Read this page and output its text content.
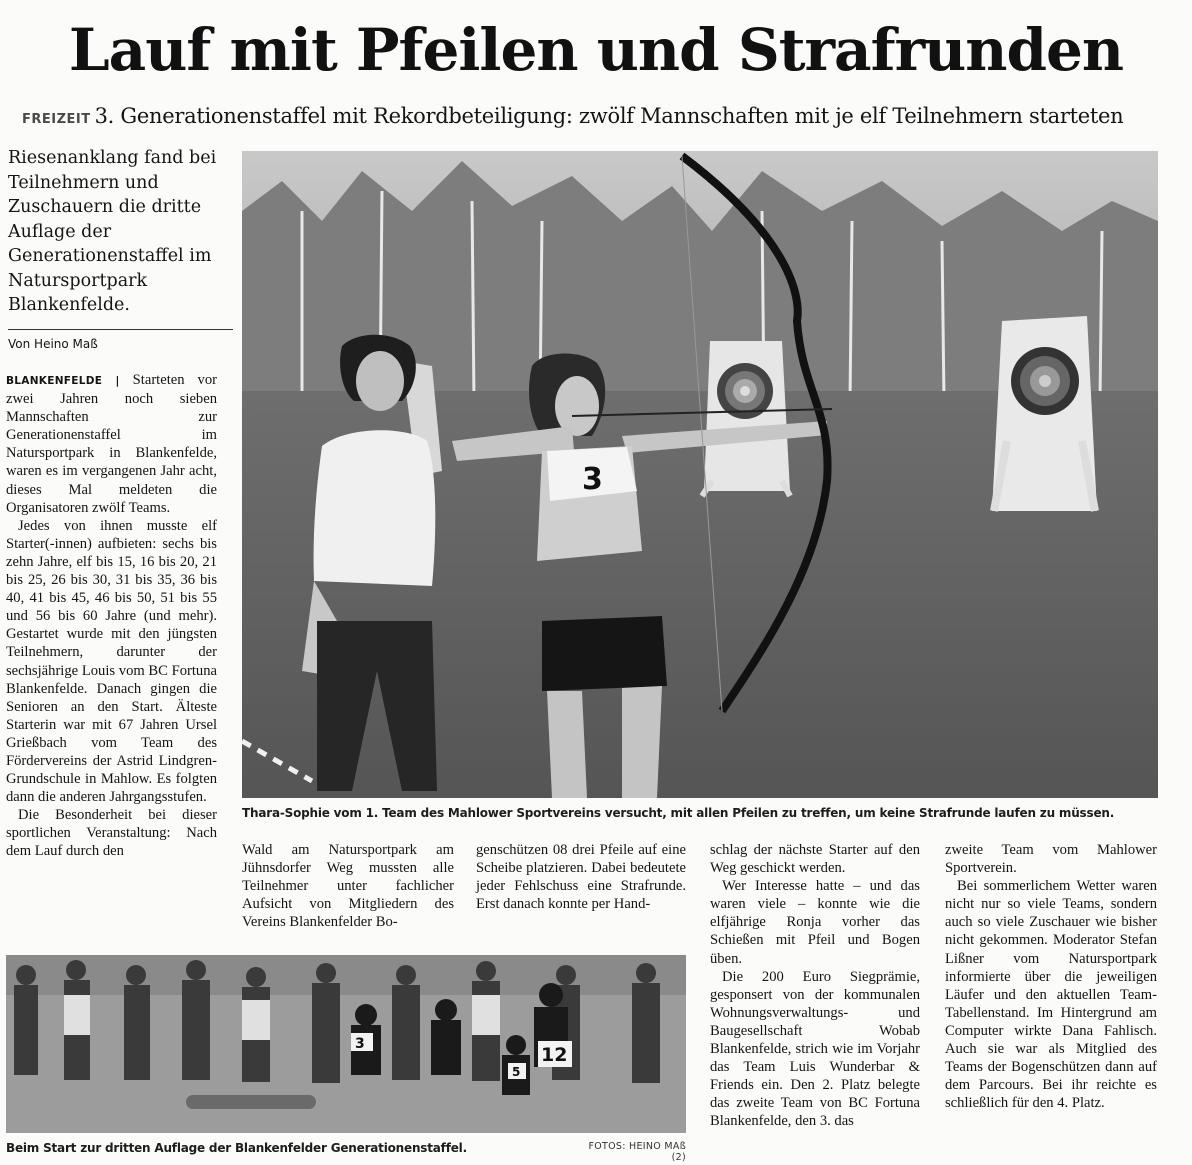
Lauf mit Pfeilen und Strafrunden
FREIZEIT 3. Generationenstaffel mit Rekordbeteiligung: zwölf Mannschaften mit je elf Teilnehmern starteten
Riesenanklang fand bei Teilnehmern und Zuschauern die dritte Auflage der Generationenstaffel im Natursportpark Blankenfelde.
Von Heino Maß

BLANKENFELDE | Starteten vor zwei Jahren noch sieben Mannschaften zur Generationenstaffel im Natursportpark in Blankenfelde, waren es im vergangenen Jahr acht, dieses Mal meldeten die Organisatoren zwölf Teams.

Jedes von ihnen musste elf Starter(-innen) aufbieten: sechs bis zehn Jahre, elf bis 15, 16 bis 20, 21 bis 25, 26 bis 30, 31 bis 35, 36 bis 40, 41 bis 45, 46 bis 50, 51 bis 55 und 56 bis 60 Jahre (und mehr). Gestartet wurde mit den jüngsten Teilnehmern, darunter der sechsjährige Louis vom BC Fortuna Blankenfelde. Danach gingen die Senioren an den Start. Älteste Starterin war mit 67 Jahren Ursel Grießbach vom Team des Fördervereins der Astrid Lindgren-Grundschule in Mahlow. Es folgten dann die anderen Jahrgangsstufen.

Die Besonderheit bei dieser sportlichen Veranstaltung: Nach dem Lauf durch den	Wald am Natursportpark am Jühnsdorfer Weg mussten alle Teilnehmer unter fachlicher Aufsicht von Mitgliedern des Vereins Blankenfelder Bo-

genschützen 08 drei Pfeile auf eine Scheibe platzieren. Dabei bedeutete jeder Fehlschuss eine Strafrunde. Erst danach konnte per Hand-

schlag der nächste Starter auf den Weg geschickt werden.

Wer Interesse hatte – und das waren viele – konnte wie die elfjährige Ronja vorher das Schießen mit Pfeil und Bogen üben.

Die 200 Euro Siegprämie, gesponsert von der kommunalen Wohnungsverwaltungs- und Baugesellschaft Wobab Blankenfelde, strich wie im Vorjahr das Team Luis Wunderbar & Friends ein. Den 2. Platz belegte das zweite Team von BC Fortuna Blankenfelde, den 3. das

zweite Team vom Mahlower Sportverein.

Bei sommerlichem Wetter waren nicht nur so viele Teams, sondern auch so viele Zuschauer wie bisher nicht gekommen. Moderator Stefan Lißner vom Natursportpark informierte über die jeweiligen Läufer und den aktuellen Team-Tabellenstand. Im Hintergrund am Computer wirkte Dana Fahlisch. Auch sie war als Mitglied des Teams der Bogenschützen dann auf dem Parcours. Bei ihr reichte es schließlich für den 4. Platz.

3
Thara-Sophie vom 1. Team des Mahlower Sportvereins versucht, mit allen Pfeilen zu treffen, um keine Strafrunde laufen zu müssen.
3	12
5
Beim Start zur dritten Auflage der Blankenfelder Generationenstaffel.	FOTOS: HEINO MAß (2)
